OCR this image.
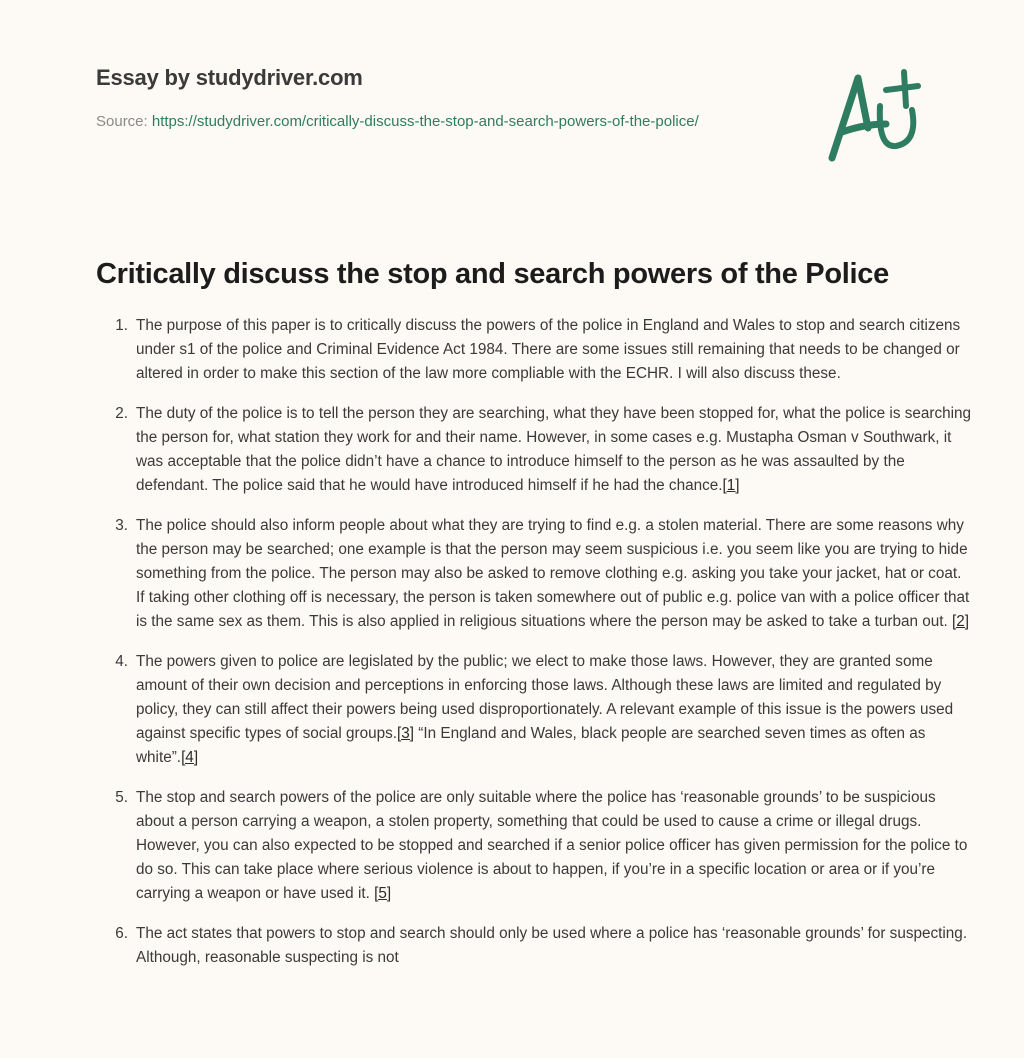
Essay by studydriver.com
Source: https://studydriver.com/critically-discuss-the-stop-and-search-powers-of-the-police/
Critically discuss the stop and search powers of the Police
1. The purpose of this paper is to critically discuss the powers of the police in England and Wales to stop and search citizens under s1 of the police and Criminal Evidence Act 1984. There are some issues still remaining that needs to be changed or altered in order to make this section of the law more compliable with the ECHR. I will also discuss these.
2. The duty of the police is to tell the person they are searching, what they have been stopped for, what the police is searching the person for, what station they work for and their name. However, in some cases e.g. Mustapha Osman v Southwark, it was acceptable that the police didn’t have a chance to introduce himself to the person as he was assaulted by the defendant. The police said that he would have introduced himself if he had the chance.[1]
3. The police should also inform people about what they are trying to find e.g. a stolen material. There are some reasons why the person may be searched; one example is that the person may seem suspicious i.e. you seem like you are trying to hide something from the police. The person may also be asked to remove clothing e.g. asking you take your jacket, hat or coat. If taking other clothing off is necessary, the person is taken somewhere out of public e.g. police van with a police officer that is the same sex as them. This is also applied in religious situations where the person may be asked to take a turban out. [2]
4. The powers given to police are legislated by the public; we elect to make those laws. However, they are granted some amount of their own decision and perceptions in enforcing those laws. Although these laws are limited and regulated by policy, they can still affect their powers being used disproportionately. A relevant example of this issue is the powers used against specific types of social groups.[3] “In England and Wales, black people are searched seven times as often as white”.[4]
5. The stop and search powers of the police are only suitable where the police has ‘reasonable grounds’ to be suspicious about a person carrying a weapon, a stolen property, something that could be used to cause a crime or illegal drugs. However, you can also expected to be stopped and searched if a senior police officer has given permission for the police to do so. This can take place where serious violence is about to happen, if you’re in a specific location or area or if you’re carrying a weapon or have used it. [5]
6. The act states that powers to stop and search should only be used where a police has ‘reasonable grounds’ for suspecting. Although, reasonable suspecting is not
